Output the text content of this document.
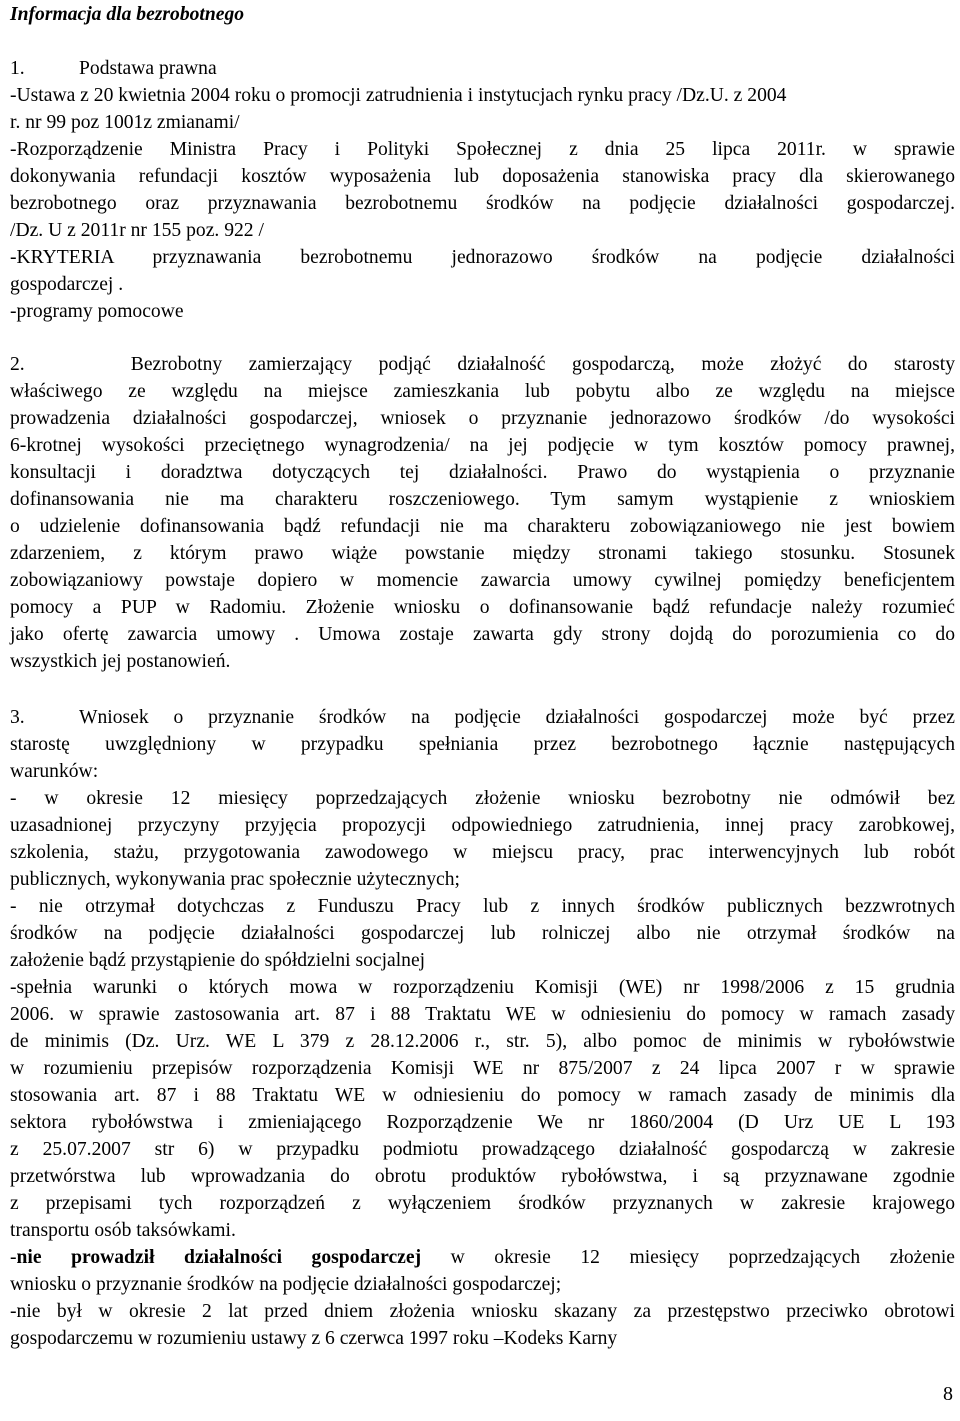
Informacja dla bezrobotnego

1.	Podstawa prawna
-Ustawa z 20 kwietnia 2004 roku o promocji zatrudnienia i instytucjach rynku pracy /Dz.U. z 2004
r. nr 99 poz 1001z zmianami/
-Rozporządzenie Ministra Pracy i Polityki Społecznej z dnia 25 lipca 2011r. w sprawie
dokonywania refundacji kosztów wyposażenia lub doposażenia stanowiska pracy dla skierowanego
bezrobotnego oraz przyznawania bezrobotnemu środków na podjęcie działalności gospodarczej.
/Dz. U z 2011r nr 155 poz. 922 /
-KRYTERIA przyznawania bezrobotnemu jednorazowo środków na podjęcie działalności
gospodarczej .
-programy pomocowe
2.	Bezrobotny zamierzający podjąć działalność gospodarczą, może złożyć do starosty
właściwego ze względu na miejsce zamieszkania lub pobytu albo ze względu na miejsce
prowadzenia działalności gospodarczej, wniosek o przyznanie jednorazowo środków /do wysokości
6-krotnej wysokości przeciętnego wynagrodzenia/ na jej podjęcie w tym kosztów pomocy prawnej,
konsultacji i doradztwa dotyczących tej działalności. Prawo do wystąpienia o przyznanie
dofinansowania nie ma charakteru roszczeniowego. Tym samym wystąpienie z wnioskiem
o udzielenie dofinansowania bądź refundacji nie ma charakteru zobowiązaniowego nie jest bowiem
zdarzeniem, z którym prawo wiąże powstanie między stronami takiego stosunku. Stosunek
zobowiązaniowy powstaje dopiero w momencie zawarcia umowy cywilnej pomiędzy beneficjentem
pomocy a PUP w Radomiu. Złożenie wniosku o dofinansowanie bądź refundacje należy rozumieć
jako ofertę zawarcia umowy . Umowa zostaje zawarta gdy strony dojdą do porozumienia co do
wszystkich jej postanowień.
3.	Wniosek o przyznanie środków na podjęcie działalności gospodarczej może być przez
starostę uwzględniony w przypadku spełniania przez bezrobotnego łącznie następujących
warunków:
- w okresie 12 miesięcy poprzedzających złożenie wniosku bezrobotny nie odmówił bez
uzasadnionej przyczyny przyjęcia propozycji odpowiedniego zatrudnienia, innej pracy zarobkowej,
szkolenia, stażu, przygotowania zawodowego w miejscu pracy, prac interwencyjnych lub robót
publicznych, wykonywania prac społecznie użytecznych;
- nie otrzymał dotychczas z Funduszu Pracy lub z innych środków publicznych bezzwrotnych
środków na podjęcie działalności gospodarczej lub rolniczej albo nie otrzymał środków na
założenie bądź przystąpienie do spółdzielni socjalnej
-spełnia warunki o których mowa w rozporządzeniu Komisji (WE) nr 1998/2006 z 15 grudnia
2006. w sprawie zastosowania art. 87 i 88 Traktatu WE w odniesieniu do pomocy w ramach zasady
de minimis (Dz. Urz. WE L 379 z 28.12.2006 r., str. 5), albo pomoc de minimis w rybołówstwie
w rozumieniu przepisów rozporządzenia Komisji WE nr 875/2007 z 24 lipca 2007 r w sprawie
stosowania art. 87 i 88 Traktatu WE w odniesieniu do pomocy w ramach zasady de minimis dla
sektora rybołówstwa i zmieniającego Rozporządzenie We nr 1860/2004 (D Urz UE L 193
z 25.07.2007 str 6) w przypadku podmiotu prowadzącego działalność gospodarczą w zakresie
przetwórstwa lub wprowadzania do obrotu produktów rybołówstwa, i są przyznawane zgodnie
z przepisami tych rozporządzeń z wyłączeniem środków przyznanych w zakresie krajowego
transportu osób taksówkami.
-nie prowadził działalności gospodarczej w okresie 12 miesięcy poprzedzających złożenie
wniosku o przyznanie środków na podjęcie działalności gospodarczej;
-nie był w okresie 2 lat przed dniem złożenia wniosku skazany za przestępstwo przeciwko obrotowi
gospodarczemu w rozumieniu ustawy z 6 czerwca 1997 roku –Kodeks Karny
8
